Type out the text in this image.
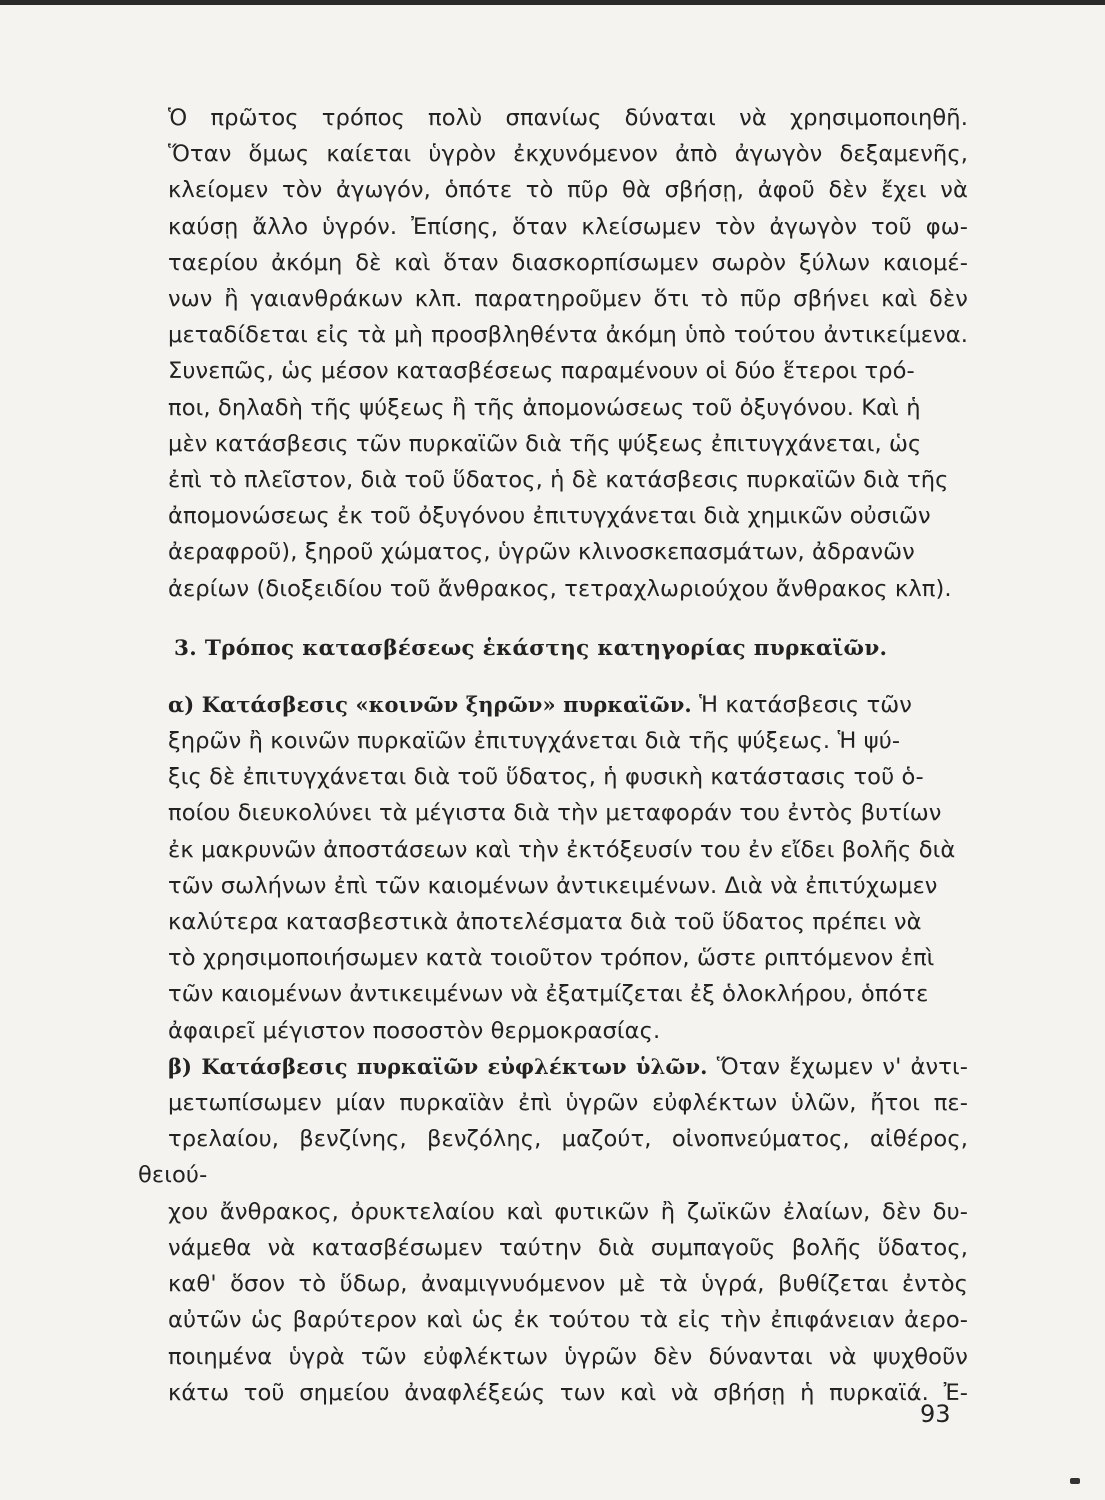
Ὁ πρῶτος τρόπος πολὺ σπανίως δύναται νὰ χρησιμοποιηθῆ.
Ὅταν ὅμως καίεται ὑγρὸν ἐκχυνόμενον ἀπὸ ἀγωγὸν δεξαμενῆς,
κλείομεν τὸν ἀγωγόν, ὁπότε τὸ πῦρ θὰ σβήσῃ, ἀφοῦ δὲν ἔχει νὰ
καύσῃ ἄλλο ὑγρόν. Ἐπίσης, ὅταν κλείσωμεν τὸν ἀγωγὸν τοῦ φω-
ταερίου ἀκόμη δὲ καὶ ὅταν διασκορπίσωμεν σωρὸν ξύλων καιομέ-
νων ἢ γαιανθράκων κλπ. παρατηροῦμεν ὅτι τὸ πῦρ σβήνει καὶ δὲν
μεταδίδεται εἰς τὰ μὴ προσβληθέντα ἀκόμη ὑπὸ τούτου ἀντικείμενα.

Συνεπῶς, ὡς μέσον κατασβέσεως παραμένουν οἱ δύο ἕτεροι τρό-
ποι, δηλαδὴ τῆς ψύξεως ἢ τῆς ἀπομονώσεως τοῦ ὀξυγόνου. Καὶ ἡ
μὲν κατάσβεσις τῶν πυρκαϊῶν διὰ τῆς ψύξεως ἐπιτυγχάνεται, ὡς
ἐπὶ τὸ πλεῖστον, διὰ τοῦ ὕδατος, ἡ δὲ κατάσβεσις πυρκαϊῶν διὰ τῆς
ἀπομονώσεως ἐκ τοῦ ὀξυγόνου ἐπιτυγχάνεται διὰ χημικῶν οὐσιῶν
ἀεραφροῦ), ξηροῦ χώματος, ὑγρῶν κλινοσκεπασμάτων, ἀδρανῶν
ἀερίων (διοξειδίου τοῦ ἄνθρακος, τετραχλωριούχου ἄνθρακος κλπ).

3. Τρόπος κατασβέσεως ἑκάστης κατηγορίας πυρκαϊῶν.

α) Κατάσβεσις «κοινῶν ξηρῶν» πυρκαϊῶν. Ἡ κατάσβεσις τῶν
ξηρῶν ἢ κοινῶν πυρκαϊῶν ἐπιτυγχάνεται διὰ τῆς ψύξεως. Ἡ ψύ-
ξις δὲ ἐπιτυγχάνεται διὰ τοῦ ὕδατος, ἡ φυσικὴ κατάστασις τοῦ ὁ-
ποίου διευκολύνει τὰ μέγιστα διὰ τὴν μεταφοράν του ἐντὸς βυτίων
ἐκ μακρυνῶν ἀποστάσεων καὶ τὴν ἐκτόξευσίν του ἐν εἴδει βολῆς διὰ
τῶν σωλήνων ἐπὶ τῶν καιομένων ἀντικειμένων. Διὰ νὰ ἐπιτύχωμεν
καλύτερα κατασβεστικὰ ἀποτελέσματα διὰ τοῦ ὕδατος πρέπει νὰ
τὸ χρησιμοποιήσωμεν κατὰ τοιοῦτον τρόπον, ὥστε ριπτόμενον ἐπὶ
τῶν καιομένων ἀντικειμένων νὰ ἐξατμίζεται ἐξ ὁλοκλήρου, ὁπότε
ἀφαιρεῖ μέγιστον ποσοστὸν θερμοκρασίας.

β) Κατάσβεσις πυρκαϊῶν εὐφλέκτων ὑλῶν. Ὅταν ἔχωμεν ν' ἀντι-
μετωπίσωμεν μίαν πυρκαϊὰν ἐπὶ ὑγρῶν εὐφλέκτων ὑλῶν, ἤτοι πε-
τρελαίου, βενζίνης, βενζόλης, μαζούτ, οἰνοπνεύματος, αἰθέρος, θειού-
χου ἄνθρακος, ὀρυκτελαίου καὶ φυτικῶν ἢ ζωϊκῶν ἐλαίων, δὲν δυ-
νάμεθα νὰ κατασβέσωμεν ταύτην διὰ συμπαγοῦς βολῆς ὕδατος,
καθ' ὅσον τὸ ὕδωρ, ἀναμιγνυόμενον μὲ τὰ ὑγρά, βυθίζεται ἐντὸς
αὐτῶν ὡς βαρύτερον καὶ ὡς ἐκ τούτου τὰ εἰς τὴν ἐπιφάνειαν ἀερο-
ποιημένα ὑγρὰ τῶν εὐφλέκτων ὑγρῶν δὲν δύνανται νὰ ψυχθοῦν
κάτω τοῦ σημείου ἀναφλέξεώς των καὶ νὰ σβήσῃ ἡ πυρκαϊά. Ἐ-

93
